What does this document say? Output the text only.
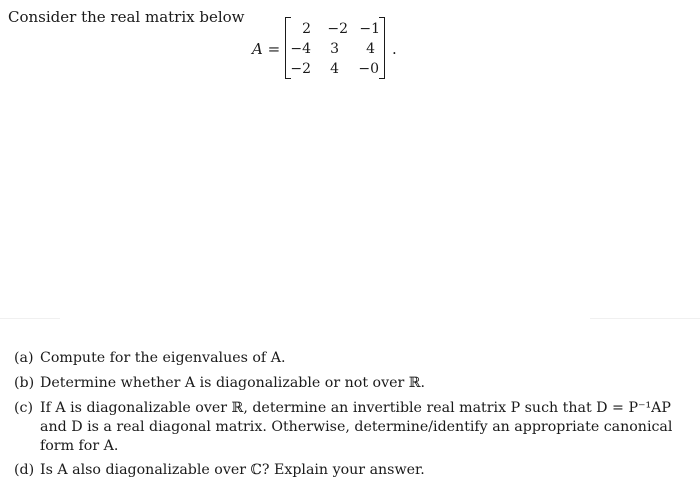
Consider the real matrix below
A =
2	−2 −1
−4	3	4
−2	4	−0
.
(a) Compute for the eigenvalues of A.
(b) Determine whether A is diagonalizable or not over ℝ.
(c) If A is diagonalizable over ℝ, determine an invertible real matrix P such that D = P⁻¹AP
and D is a real diagonal matrix. Otherwise, determine/identify an appropriate canonical
form for A.
(d) Is A also diagonalizable over ℂ? Explain your answer.
